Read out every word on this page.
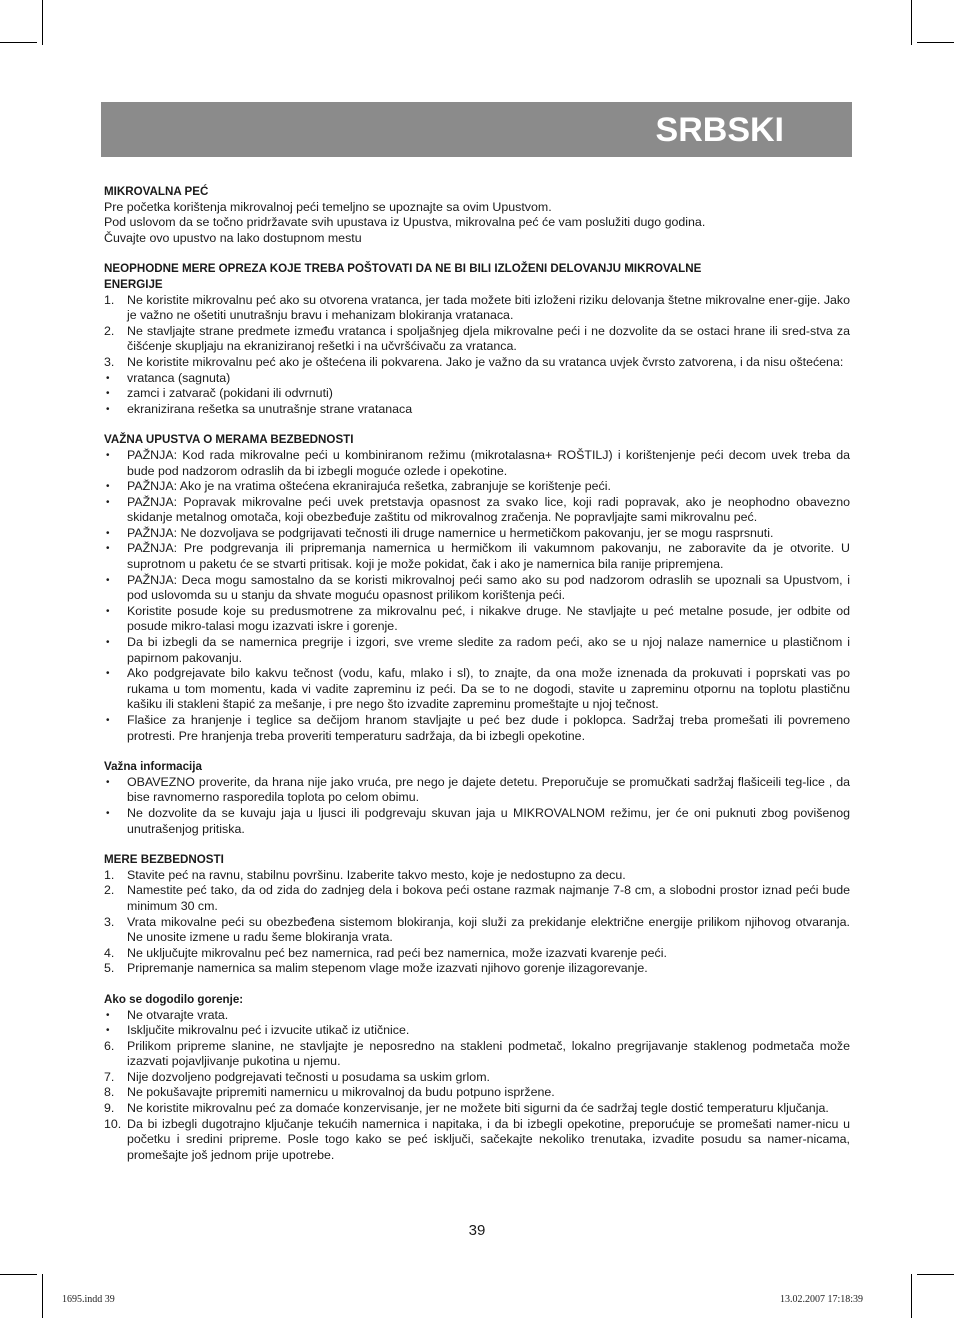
SRBSKI
MIKROVALNA PEĆ
Pre početka korištenja mikrovalnoj peći temeljno se upoznajte sa ovim Upustvom.
Pod uslovom da se točno pridržavate svih upustava iz Upustva, mikrovalna peć će vam poslužiti dugo godina.
Čuvajte ovo upustvo na lako dostupnom mestu
NEOPHODNE MERE OPREZA KOJE TREBA POŠTOVATI DA NE BI BILI IZLOŽENI DELOVANJU MIKROVALNE
ENERGIJE
1. Ne koristite mikrovalnu peć ako su otvorena vratanca, jer tada možete biti izloženi riziku delovanja štetne mikrovalne ener-gije. Jako je važno ne ošetiti unutrašnju bravu i mehanizam blokiranja vratanaca.
2. Ne stavljajte strane predmete između vratanca i spoljašnjeg djela mikrovalne peći i ne dozvolite da se ostaci hrane ili sred-stva za čišćenje skupljaju na ekraniziranoj rešetki i na učvršćivaču za vratanca.
3. Ne koristite mikrovalnu peć ako je oštećena ili pokvarena. Jako je važno da su vratanca uvjek čvrsto zatvorena, i da nisu oštećena:
• vratanca (sagnuta)
• zamci i zatvarač (pokidani ili odvrnuti)
• ekranizirana rešetka sa unutrašnje strane vratanaca
VAŽNA UPUSTVA O MERAMA BEZBEDNOSTI
• PAŽNJA: Kod rada mikrovalne peći u kombiniranom režimu (mikrotalasna+ ROŠTILJ) i korištenjenje peći decom uvek treba da bude pod nadzorom odraslih da bi izbegli moguće ozlede i opekotine.
• PAŽNJA: Ako je na vratima oštećena ekranirajuća rešetka, zabranjuje se korištenje peći.
• PAŽNJA: Popravak mikrovalne peći uvek pretstavja opasnost za svako lice, koji radi popravak, ako je neophodno obavezno skidanje metalnog omotača, koji obezbeđuje zaštitu od mikrovalnog zračenja. Ne popravljajte sami mikrovalnu peć.
• PAŽNJA: Ne dozvoljava se podgrijavati tečnosti ili druge namernice u hermetičkom pakovanju, jer se mogu rasprsnuti.
• PAŽNJA: Pre podgrevanja ili pripremanja namernica u hermičkom ili vakumnom pakovanju, ne zaboravite da je otvorite. U suprotnom u paketu će se stvarti pritisak. koji je može pokidat, čak i ako je namernica bila ranije pripremjena.
• PAŽNJA: Deca mogu samostalno da se koristi mikrovalnoj peći samo ako su pod nadzorom odraslih se upoznali sa Upustvom, i pod uslovomda su u stanju da shvate moguću opasnost prilikom korištenja peći.
• Koristite posude koje su predusmotrene za mikrovalnu peć, i nikakve druge. Ne stavljajte u peć metalne posude, jer odbite od posude mikro-talasi mogu izazvati iskre i gorenje.
• Da bi izbegli da se namernica pregrije i izgori, sve vreme sledite za radom peći, ako se u njoj nalaze namernice u plastičnom i papirnom pakovanju.
• Ako podgrejavate bilo kakvu tečnost (vodu, kafu, mlako i sl), to znajte, da ona može iznenada da prokuvati i poprskati vas po rukama u tom momentu, kada vi vadite zapreminu iz peći. Da se to ne dogodi, stavite u zapreminu otpornu na toplotu plastičnu kašiku ili stakleni štapić za mešanje, i pre nego što izvadite zapreminu promeštajte u njoj tečnost.
• Flašice za hranjenje i teglice sa dečijom hranom stavljajte u peć bez dude i poklopca. Sadržaj treba promešati ili povremeno protresti. Pre hranjenja treba proveriti temperaturu sadržaja, da bi izbegli opekotine.
Važna informacija
• OBAVEZNO proverite, da hrana nije jako vruća, pre nego je dajete detetu. Preporučuje se promučkati sadržaj flašiceili teg-lice , da bise ravnomerno rasporedila toplota po celom obimu.
• Ne dozvolite da se kuvaju jaja u ljusci ili podgrevaju skuvan jaja u MIKROVALNOM režimu, jer će oni puknuti zbog povišenog unutrašenjog pritiska.
MERE BEZBEDNOSTI
1. Stavite peć na ravnu, stabilnu površinu. Izaberite takvo mesto, koje je nedostupno za decu.
2. Namestite peć tako, da od zida do zadnjeg dela i bokova peći ostane razmak najmanje 7-8 cm, a slobodni prostor iznad peći bude minimum 30 cm.
3. Vrata mikovalne peći su obezbeđena sistemom blokiranja, koji služi za prekidanje električne energije prilikom njihovog otvaranja. Ne unosite izmene u radu šeme blokiranja vrata.
4. Ne uključujte mikrovalnu peć bez namernica, rad peći bez namernica, može izazvati kvarenje peći.
5. Pripremanje namernica sa malim stepenom vlage može izazvati njihovo gorenje ilizagorevanje.
Ako se dogodilo gorenje:
• Ne otvarajte vrata.
• Isključite mikrovalnu peć i izvucite utikač iz utičnice.
6. Prilikom pripreme slanine, ne stavljajte je neposredno na stakleni podmetač, lokalno pregrijavanje staklenog podmetača može izazvati pojavljivanje pukotina u njemu.
7. Nije dozvoljeno podgrejavati tečnosti u posudama sa uskim grlom.
8. Ne pokušavajte pripremiti namernicu u mikrovalnoj da budu potpuno ispržene.
9. Ne koristite mikrovalnu peć za domaće konzervisanje, jer ne možete biti sigurni da će sadržaj tegle dostić temperaturu ključanja.
10. Da bi izbegli dugotrajno ključanje tekućih namernica i napitaka, i da bi izbegli opekotine, preporućuje se promešati namer-nicu u početku i sredini pripreme. Posle togo kako se peć isključi, sačekajte nekoliko trenutaka, izvadite posudu sa namer-nicama, promešajte još jednom prije upotrebe.
39
1695.indd 39	13.02.2007 17:18:39
